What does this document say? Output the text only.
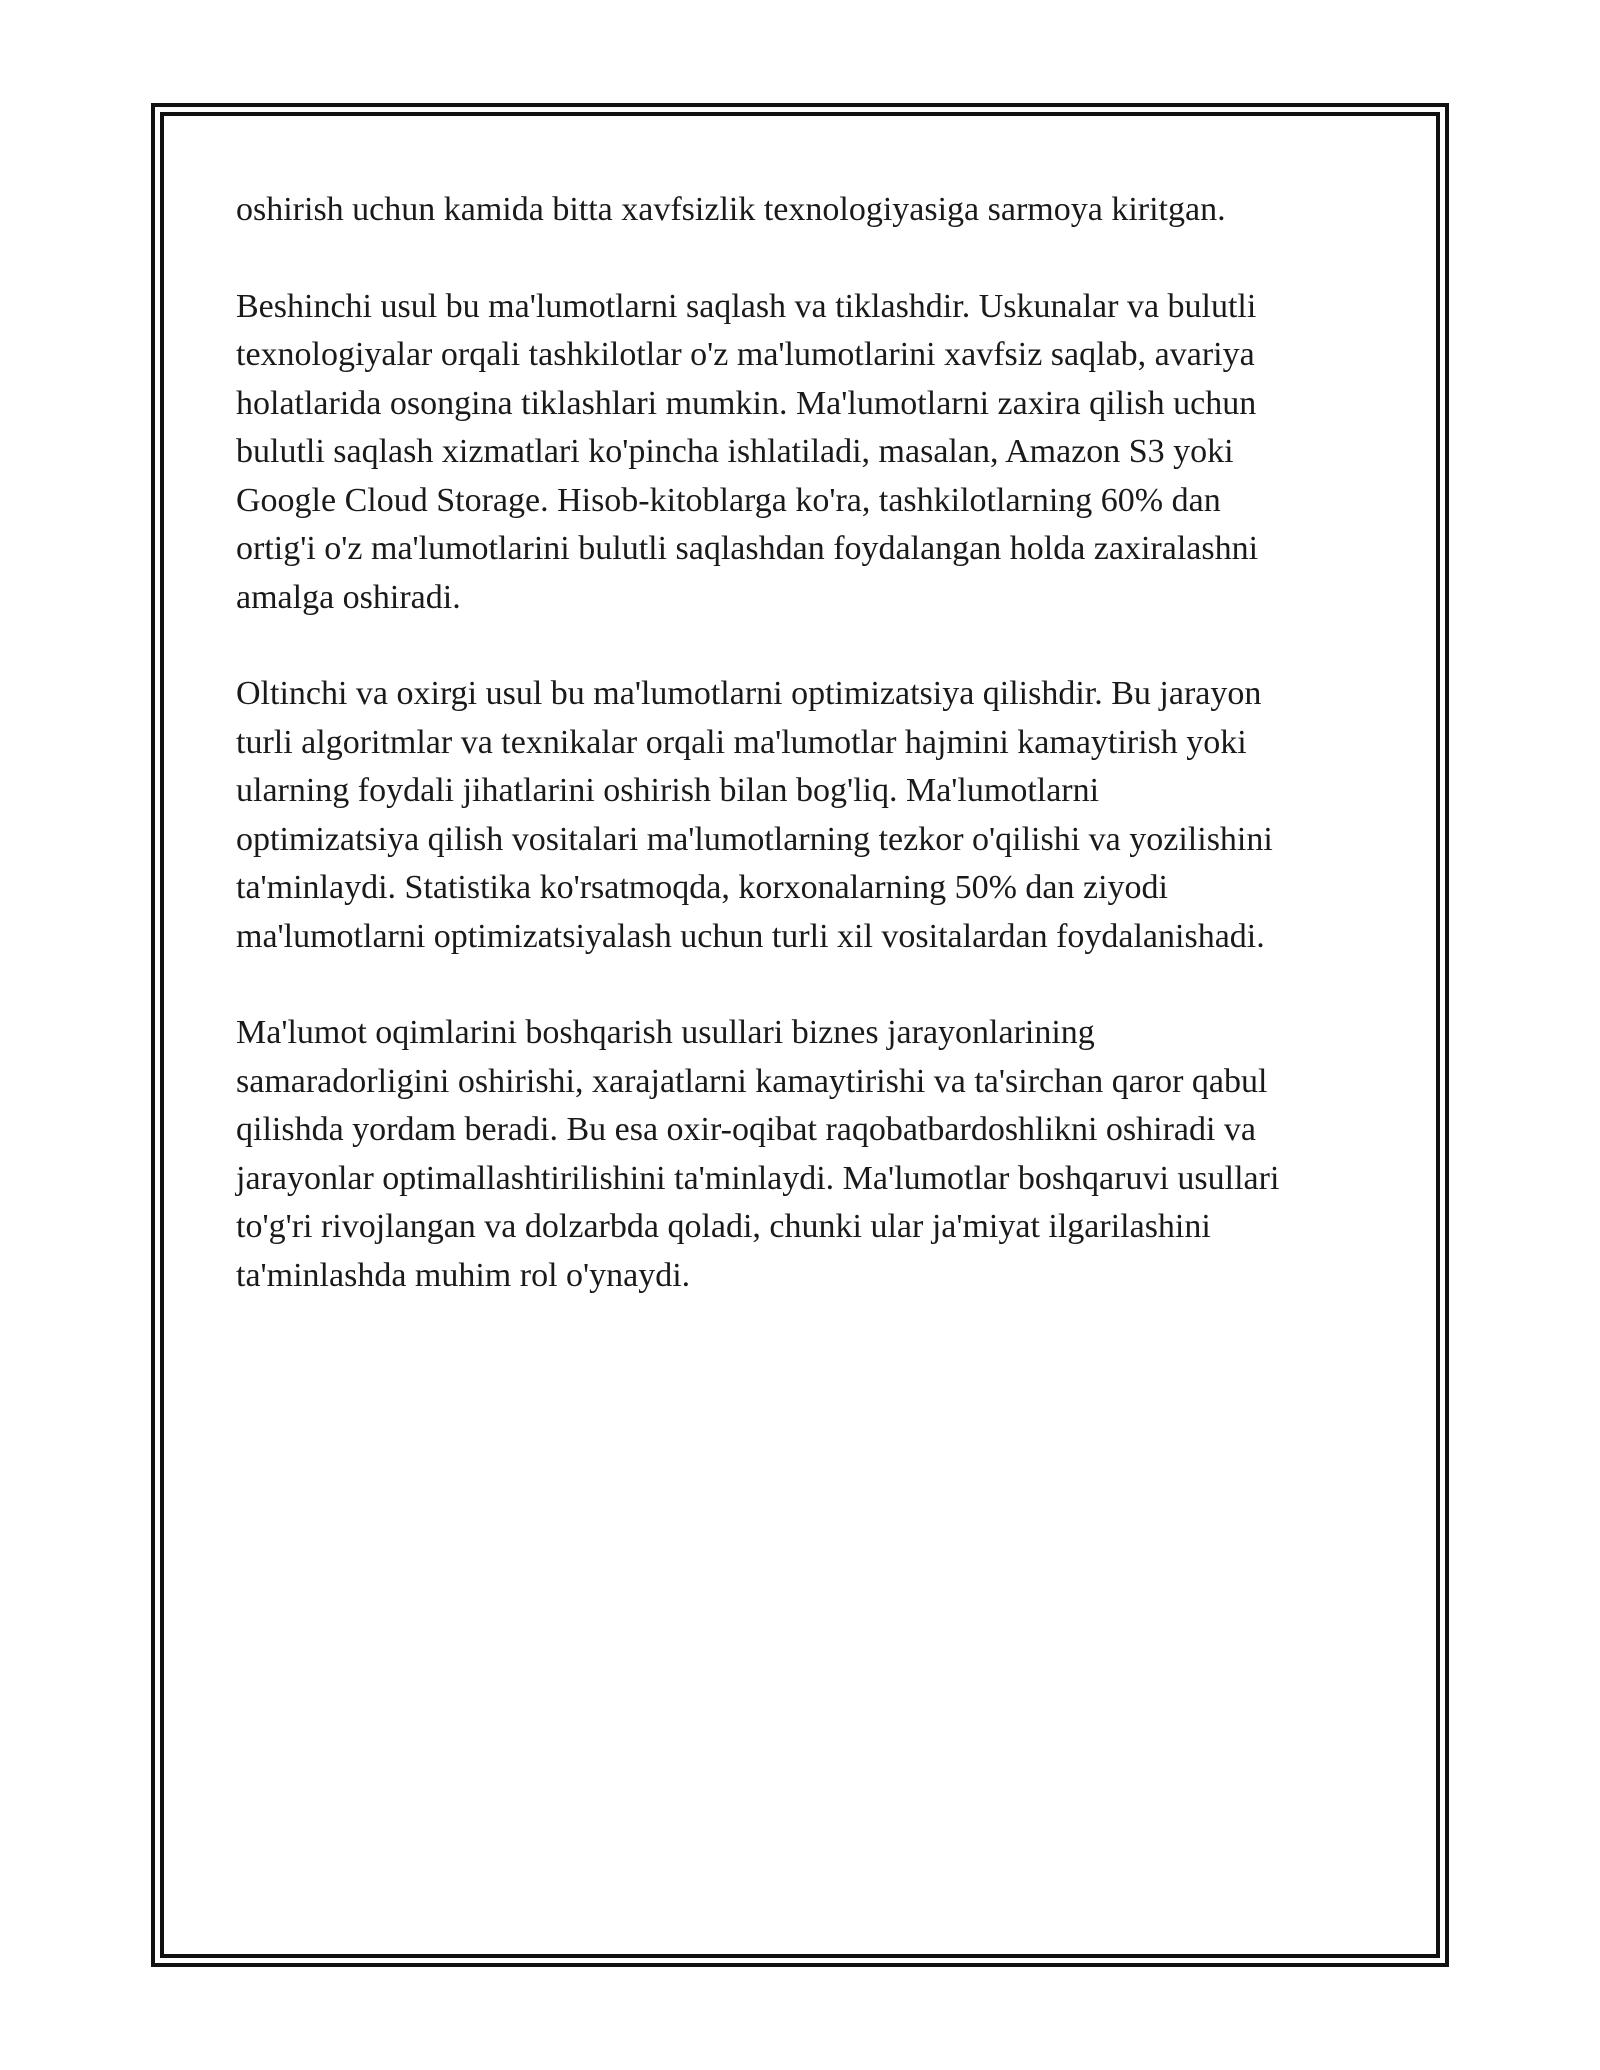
oshirish uchun kamida bitta xavfsizlik texnologiyasiga sarmoya kiritgan.

Beshinchi usul bu ma'lumotlarni saqlash va tiklashdir. Uskunalar va bulutli
texnologiyalar orqali tashkilotlar o'z ma'lumotlarini xavfsiz saqlab, avariya
holatlarida osongina tiklashlari mumkin. Ma'lumotlarni zaxira qilish uchun
bulutli saqlash xizmatlari ko'pincha ishlatiladi, masalan, Amazon S3 yoki
Google Cloud Storage. Hisob-kitoblarga ko'ra, tashkilotlarning 60% dan
ortig'i o'z ma'lumotlarini bulutli saqlashdan foydalangan holda zaxiralashni
amalga oshiradi.

Oltinchi va oxirgi usul bu ma'lumotlarni optimizatsiya qilishdir. Bu jarayon
turli algoritmlar va texnikalar orqali ma'lumotlar hajmini kamaytirish yoki
ularning foydali jihatlarini oshirish bilan bog'liq. Ma'lumotlarni
optimizatsiya qilish vositalari ma'lumotlarning tezkor o'qilishi va yozilishini
ta'minlaydi. Statistika ko'rsatmoqda, korxonalarning 50% dan ziyodi
ma'lumotlarni optimizatsiyalash uchun turli xil vositalardan foydalanishadi.

Ma'lumot oqimlarini boshqarish usullari biznes jarayonlarining
samaradorligini oshirishi, xarajatlarni kamaytirishi va ta'sirchan qaror qabul
qilishda yordam beradi. Bu esa oxir-oqibat raqobatbardoshlikni oshiradi va
jarayonlar optimallashtirilishini ta'minlaydi. Ma'lumotlar boshqaruvi usullari
to'g'ri rivojlangan va dolzarbda qoladi, chunki ular ja'miyat ilgarilashini
ta'minlashda muhim rol o'ynaydi.
